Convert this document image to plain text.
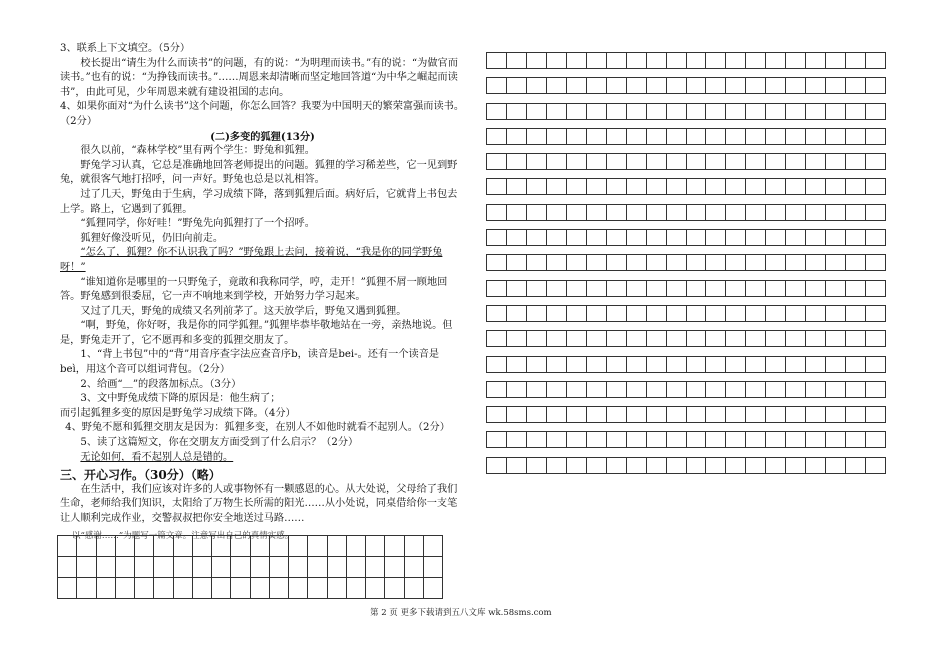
3、联系上下文填空。（5分）

校长提出“请生为什么而读书”的问题，有的说：“为明理而读书。”有的说：“为做官而读书。”也有的说：“为挣钱而读书。”……周恩来却清晰而坚定地回答道“为中华之崛起而读书”，由此可见，少年周恩来就有建设祖国的志向。

4、如果你面对“为什么读书”这个问题，你怎么回答？我要为中国明天的繁荣富强而读书。（2分）

(二)多变的狐狸(13分)

很久以前，“森林学校”里有两个学生：野兔和狐狸。

野兔学习认真，它总是准确地回答老师提出的问题。狐狸的学习稀差些，它一见到野兔，就很客气地打招呼，问一声好。野兔也总是以礼相答。

过了几天，野兔由于生病，学习成绩下降，落到狐狸后面。病好后，它就背上书包去上学。路上，它遇到了狐狸。

“狐狸同学，你好哇！”野兔先向狐狸打了一个招呼。

狐狸好像没听见，仍旧向前走。

“怎么了，狐狸？你不认识我了吗？”野兔跟上去问，接着说，“我是你的同学野兔呀！”

“谁知道你是哪里的一只野兔子，竟敢和我称同学，哼，走开！”狐狸不屑一顾地回答。野兔感到很委屈，它一声不响地来到学校，开始努力学习起来。

又过了几天，野兔的成绩又名列前茅了。这天放学后，野兔又遇到狐狸。

“啊，野兔，你好呀，我是你的同学狐狸。”狐狸毕恭毕敬地站在一旁，亲热地说。但是，野兔走开了，它不愿再和多变的狐狸交朋友了。

1、“背上书包”中的“背”用音序查字法应查音序b，读音是bei-。还有一个读音是beì，用这个音可以组词背包。（2分）

2、给画“＿”的段落加标点。（3分）

3、文中野兔成绩下降的原因是：他生病了；

而引起狐狸多变的原因是野兔学习成绩下降。（4分）

4、野兔不愿和狐狸交朋友是因为：狐狸多变，在别人不如他时就看不起别人。（2分）

5、读了这篇短文，你在交朋友方面受到了什么启示？（2分）

无论如何，看不起别人总是错的。

三、开心习作。（30分）（略）

在生活中，我们应该对许多的人或事物怀有一颗感恩的心。从大处说，父母给了我们生命，老师给我们知识，太阳给了万物生长所需的阳光……从小处说，同桌借给你一支笔让人顺利完成作业，交警叔叔把你安全地送过马路……

以“感谢……”为题写一篇文章。注意写出自己的真情实感。

第 2 页 更多下载请到五八文库 wk.58sms.com
